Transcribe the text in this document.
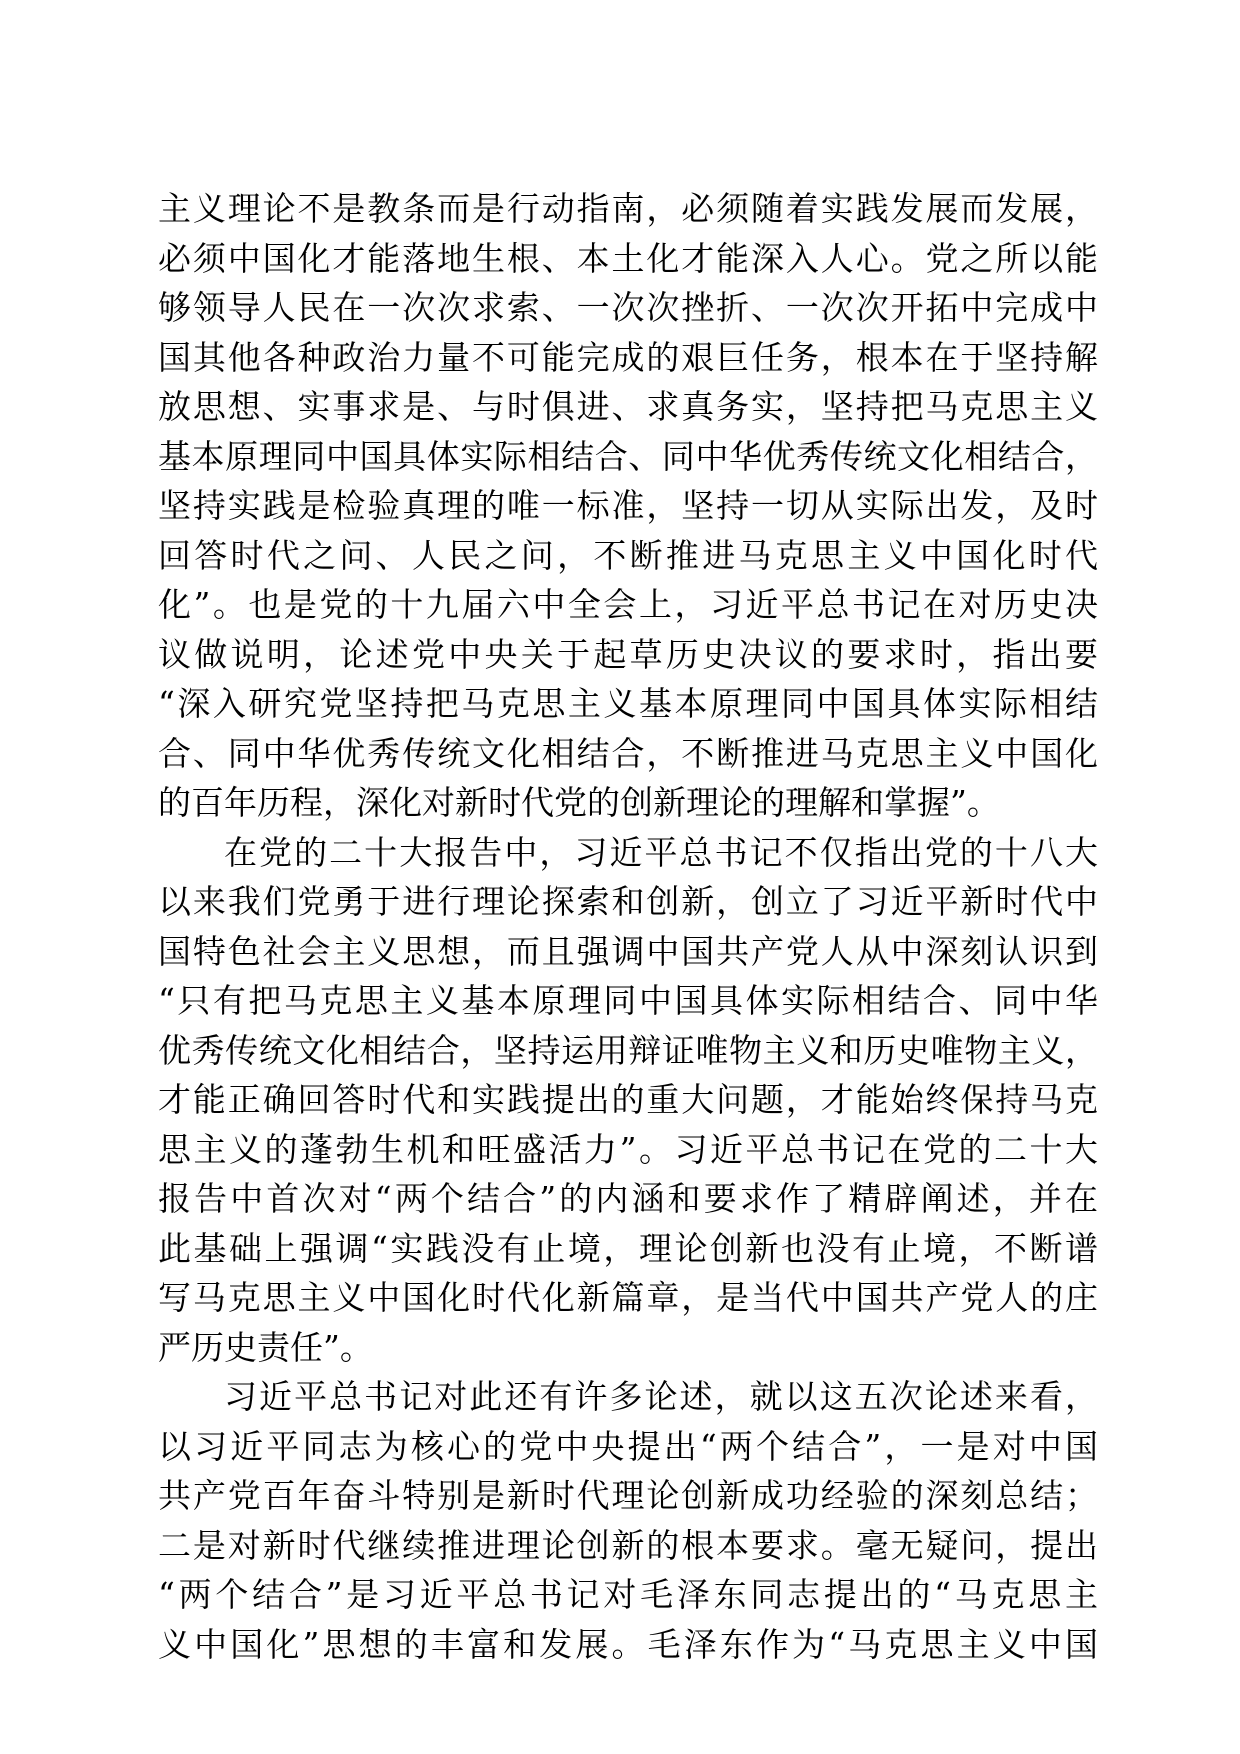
主义理论不是教条而是行动指南，必须随着实践发展而发展，
必须中国化才能落地生根、本土化才能深入人心。党之所以能
够领导人民在一次次求索、一次次挫折、一次次开拓中完成中
国其他各种政治力量不可能完成的艰巨任务，根本在于坚持解
放思想、实事求是、与时俱进、求真务实，坚持把马克思主义
基本原理同中国具体实际相结合、同中华优秀传统文化相结合，
坚持实践是检验真理的唯一标准，坚持一切从实际出发，及时
回答时代之问、人民之问，不断推进马克思主义中国化时代
化”。也是党的十九届六中全会上，习近平总书记在对历史决
议做说明，论述党中央关于起草历史决议的要求时，指出要
“深入研究党坚持把马克思主义基本原理同中国具体实际相结
合、同中华优秀传统文化相结合，不断推进马克思主义中国化
的百年历程，深化对新时代党的创新理论的理解和掌握”。
在党的二十大报告中，习近平总书记不仅指出党的十八大
以来我们党勇于进行理论探索和创新，创立了习近平新时代中
国特色社会主义思想，而且强调中国共产党人从中深刻认识到
“只有把马克思主义基本原理同中国具体实际相结合、同中华
优秀传统文化相结合，坚持运用辩证唯物主义和历史唯物主义，
才能正确回答时代和实践提出的重大问题，才能始终保持马克
思主义的蓬勃生机和旺盛活力”。习近平总书记在党的二十大
报告中首次对“两个结合”的内涵和要求作了精辟阐述，并在
此基础上强调“实践没有止境，理论创新也没有止境，不断谱
写马克思主义中国化时代化新篇章，是当代中国共产党人的庄
严历史责任”。
习近平总书记对此还有许多论述，就以这五次论述来看，
以习近平同志为核心的党中央提出“两个结合”，一是对中国
共产党百年奋斗特别是新时代理论创新成功经验的深刻总结；
二是对新时代继续推进理论创新的根本要求。毫无疑问，提出
“两个结合”是习近平总书记对毛泽东同志提出的“马克思主
义中国化”思想的丰富和发展。毛泽东作为“马克思主义中国
